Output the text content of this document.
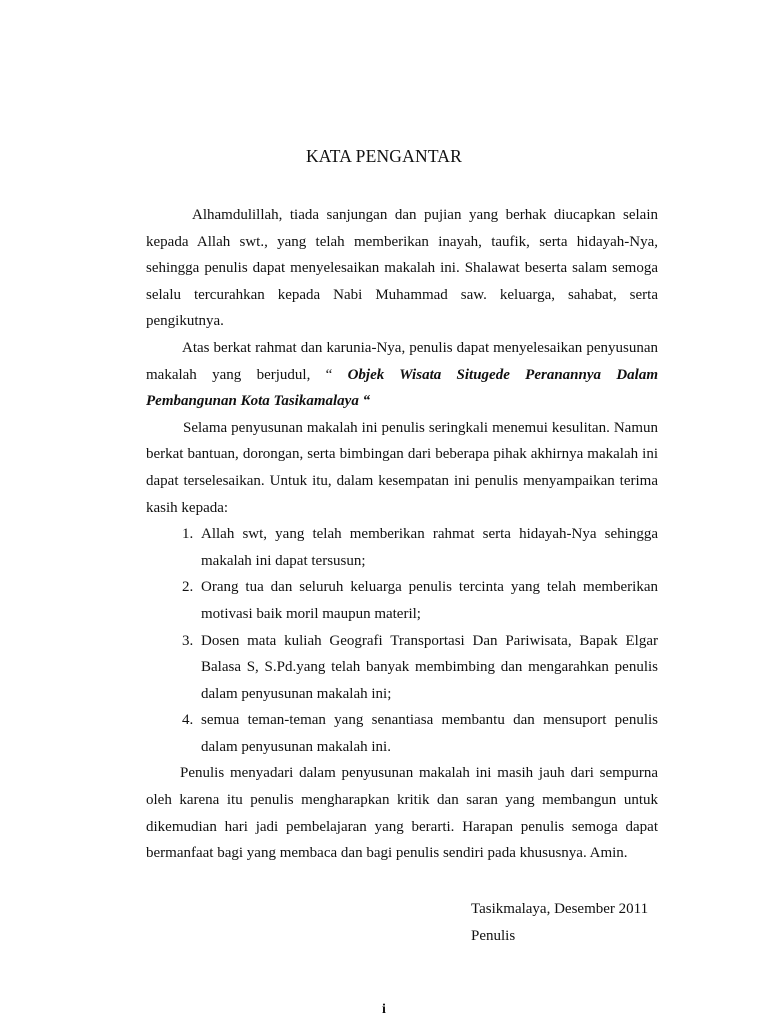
KATA PENGANTAR

Alhamdulillah, tiada sanjungan dan pujian yang berhak diucapkan selain kepada Allah swt., yang telah memberikan inayah, taufik, serta hidayah-Nya, sehingga penulis dapat menyelesaikan makalah ini. Shalawat beserta salam semoga selalu tercurahkan kepada Nabi Muhammad saw. keluarga, sahabat, serta pengikutnya.

Atas berkat rahmat dan karunia-Nya, penulis dapat menyelesaikan penyusunan makalah yang berjudul, “ Objek Wisata Situgede Peranannya Dalam Pembangunan Kota Tasikamalaya “

Selama penyusunan makalah ini penulis seringkali menemui kesulitan. Namun berkat bantuan, dorongan, serta bimbingan dari beberapa pihak akhirnya makalah ini dapat terselesaikan. Untuk itu, dalam kesempatan ini penulis menyampaikan terima kasih kepada:

1. Allah swt, yang telah memberikan rahmat serta hidayah-Nya sehingga makalah ini dapat tersusun;
2. Orang tua dan seluruh keluarga penulis tercinta yang telah memberikan motivasi baik moril maupun materil;
3. Dosen mata kuliah Geografi Transportasi Dan Pariwisata, Bapak Elgar Balasa S, S.Pd.yang telah banyak membimbing dan mengarahkan penulis dalam penyusunan makalah ini;
4. semua teman-teman yang senantiasa membantu dan mensuport penulis dalam penyusunan makalah ini.

Penulis menyadari dalam penyusunan makalah ini masih jauh dari sempurna oleh karena itu penulis mengharapkan kritik dan saran yang membangun untuk dikemudian hari jadi pembelajaran yang berarti. Harapan penulis semoga dapat bermanfaat bagi yang membaca dan bagi penulis sendiri pada khususnya. Amin.

Tasikmalaya, Desember 2011
Penulis
i
